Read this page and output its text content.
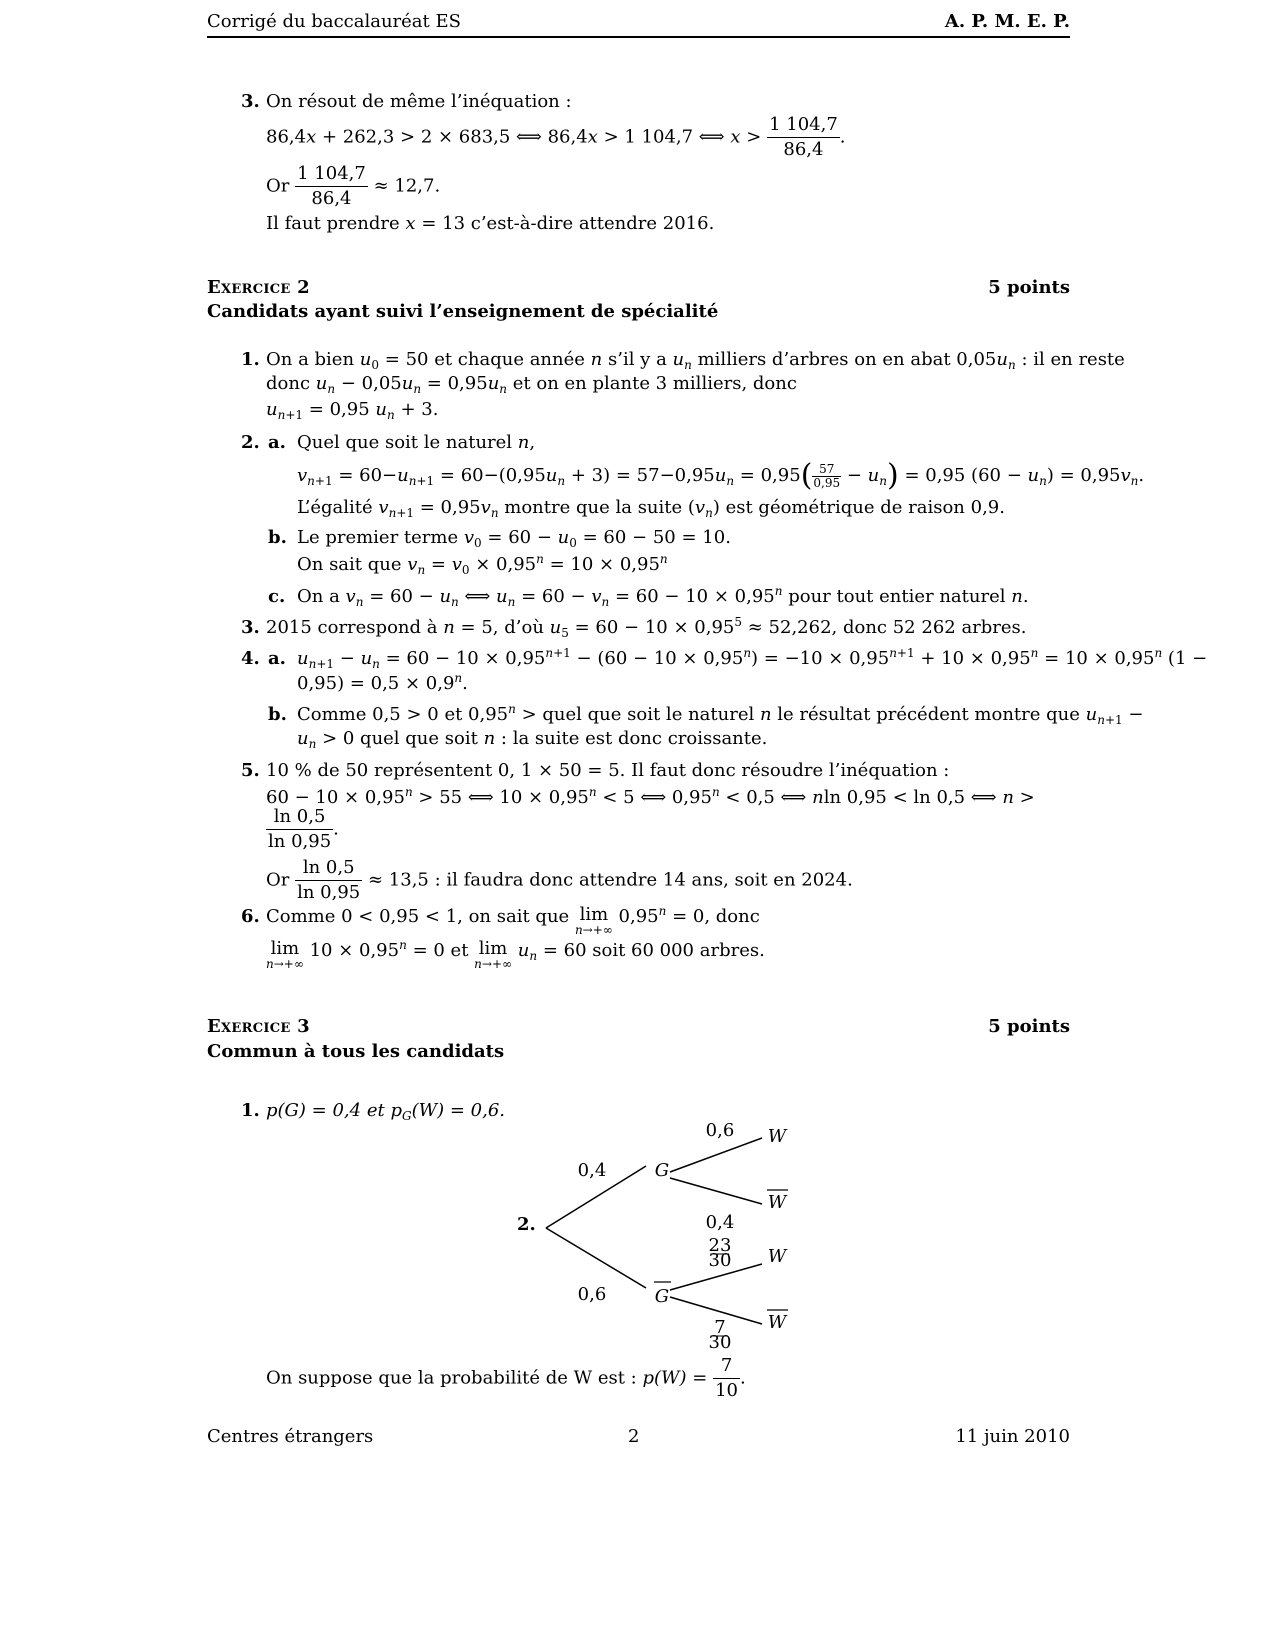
Corrigé du baccalauréat ES	A. P. M. E. P.
3. On résout de même l’inéquation :
86,4x + 262,3 > 2 × 683,5 ⟺ 86,4x > 1 104,7 ⟺ $x > \frac{1 104,7}{86,4}$ .
Or $\frac{1 104,7}{86,4} \approx 12,7$.
Il faut prendre x = 13 c’est-à-dire attendre 2016.
Exercice 2	5 points
Candidats ayant suivi l’enseignement de spécialité
1. On a bien $u_0 = 50$ et chaque année n s’il y a $u_n$ milliers d’arbres on en abat $0,05u_n$ : il en reste
donc $u_n - 0,05u_n = 0,95u_n$ et on en plante 3 milliers, donc
$u_{n+1} = 0,95$ $u_n + 3$.
2. a. Quel que soit le naturel n,
$v_{n+1} = 60-u_{n+1} = 60-(0,95u_n + 3) = 57-0,95u_n = 0,95( \frac{57}{0,95} - u_n) = 0,95$ $(60 - u_n) = 0,95v_n$.
L’égalité $v_{n+1} = 0,95v_n$ montre que la suite $(v_n)$ est géométrique de raison 0,9.
b. Le premier terme $v_0 = 60 - u_0 = 60 - 50 = 10$.
On sait que $v_n = v_0 \times 0,95^n = 10 \times 0,95^n$
c. On a $v_n = 60 - u_n$ ⟺ $u_n = 60 - v_n = 60 - 10 \times 0,95^n$ pour tout entier naturel n.
3. 2015 correspond à n = 5, d’où $u_5 = 60 - 10 \times 0,95^5 \approx 52,262$, donc 52 262 arbres.
4. a. $u_{n+1} - u_n = 60 - 10 \times 0,95^{n+1} - (60 - 10 \times 0,95^n) = -10 \times 0,95^{n+1} + 10 \times 0,95^n = 10 \times 0,95^n$ (1 −
$0,95) = 0,5 \times 0,9^n$.
b. Comme 0,5 > 0 et $0,95^n$ > quel que soit le naturel n le résultat précédent montre que $u_{n+1}$ −
$u_n > 0$ quel que soit n : la suite est donc croissante.
5. 10 % de 50 représentent 0, 1 × 50 = 5. Il faut donc résoudre l’inéquation :
$60 - 10 \times 0,95^n > 55$ ⟺ $10 \times 0,95^n < 5$ ⟺ $0,95^n < 0,5$ ⟺ nln 0,95 < ln 0,5 ⟺ n >
$\frac{\ln 0,5}{\ln 0,95}$ .
Or $\frac{\ln 0,5}{\ln 0,95} \approx 13,5$ : il faudra donc attendre 14 ans, soit en 2024.
6. Comme 0 < 0,95 < 1, on sait que lim
n→+∞
$0,95^n = 0$, donc
lim
n→+∞
$10 \times 0,95^n = 0$ et lim
n→+∞
$u_n = 60$ soit 60 000 arbres.
Exercice 3	5 points
Commun à tous les candidats
1. p(G) = 0,4 et $p_G(W) = 0,6$.
2.
0,4
0,6
G
G
0,6
0,4
23
30
7
30
W
W
W
W
On suppose que la probabilité de W est : $p(W) = \frac{7}{10}$ .
Centres étrangers	2	11 juin 2010
